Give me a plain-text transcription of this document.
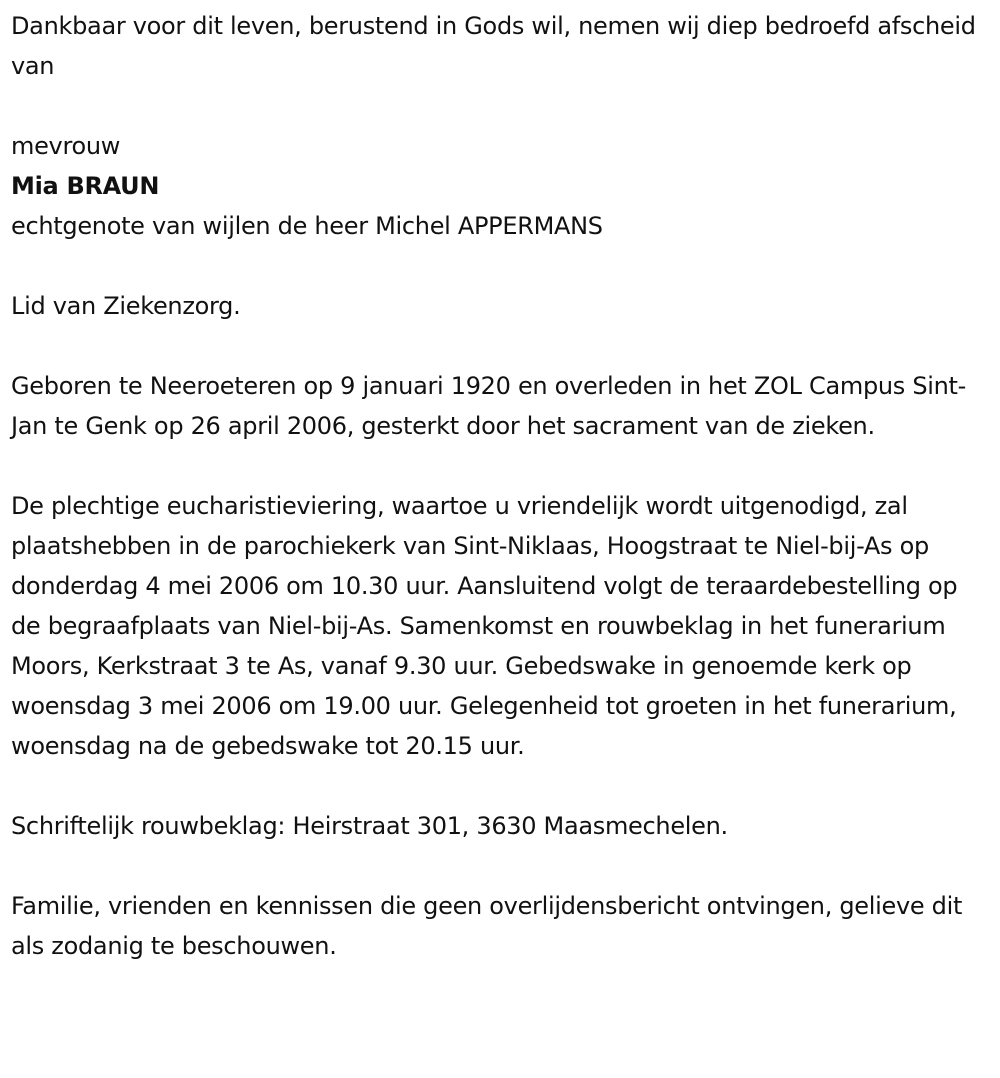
Dankbaar voor dit leven, berustend in Gods wil, nemen wij diep bedroefd afscheid van

mevrouw

Mia BRAUN

echtgenote van wijlen de heer Michel APPERMANS

Lid van Ziekenzorg.

Geboren te Neeroeteren op 9 januari 1920 en overleden in het ZOL Campus Sint-Jan te Genk op 26 april 2006, gesterkt door het sacrament van de zieken.

De plechtige eucharistieviering, waartoe u vriendelijk wordt uitgenodigd, zal plaatshebben in de parochiekerk van Sint-Niklaas, Hoogstraat te Niel-bij-As op donderdag 4 mei 2006 om 10.30 uur. Aansluitend volgt de teraardebestelling op de begraafplaats van Niel-bij-As. Samenkomst en rouwbeklag in het funerarium Moors, Kerkstraat 3 te As, vanaf 9.30 uur. Gebedswake in genoemde kerk op woensdag 3 mei 2006 om 19.00 uur. Gelegenheid tot groeten in het funerarium, woensdag na de gebedswake tot 20.15 uur.

Schriftelijk rouwbeklag: Heirstraat 301, 3630 Maasmechelen.

Familie, vrienden en kennissen die geen overlijdensbericht ontvingen, gelieve dit als zodanig te beschouwen.
